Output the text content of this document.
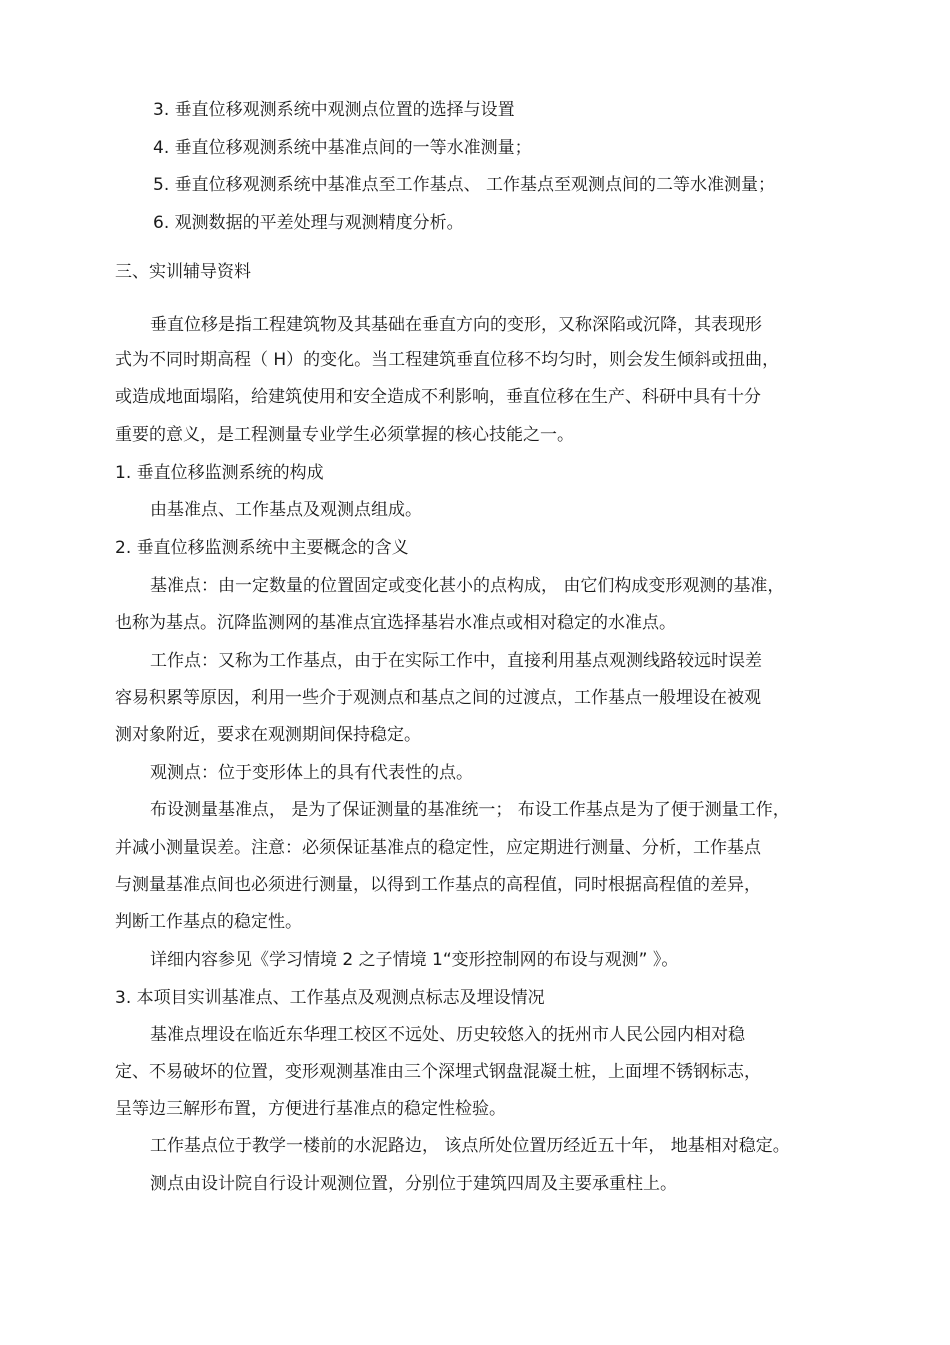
3. 垂直位移观测系统中观测点位置的选择与设置
4. 垂直位移观测系统中基准点间的一等水准测量；
5. 垂直位移观测系统中基准点至工作基点、 工作基点至观测点间的二等水准测量；
6. 观测数据的平差处理与观测精度分析。
三、实训辅导资料
垂直位移是指工程建筑物及其基础在垂直方向的变形，又称深陷或沉降，其表现形
式为不同时期高程（ H）的变化。当工程建筑垂直位移不均匀时，则会发生倾斜或扭曲，
或造成地面塌陷，给建筑使用和安全造成不利影响，垂直位移在生产、科研中具有十分
重要的意义，是工程测量专业学生必须掌握的核心技能之一。
1. 垂直位移监测系统的构成
由基准点、工作基点及观测点组成。
2. 垂直位移监测系统中主要概念的含义
基准点：由一定数量的位置固定或变化甚小的点构成， 由它们构成变形观测的基准，
也称为基点。沉降监测网的基准点宜选择基岩水准点或相对稳定的水准点。
工作点：又称为工作基点，由于在实际工作中，直接利用基点观测线路较远时误差
容易积累等原因，利用一些介于观测点和基点之间的过渡点，工作基点一般埋设在被观
测对象附近，要求在观测期间保持稳定。
观测点：位于变形体上的具有代表性的点。
布设测量基准点， 是为了保证测量的基准统一； 布设工作基点是为了便于测量工作，
并减小测量误差。注意：必须保证基准点的稳定性，应定期进行测量、分析，工作基点
与测量基准点间也必须进行测量，以得到工作基点的高程值，同时根据高程值的差异，
判断工作基点的稳定性。
详细内容参见《学习情境 2 之子情境 1“变形控制网的布设与观测” 》。
3. 本项目实训基准点、工作基点及观测点标志及埋设情况
基准点埋设在临近东华理工校区不远处、历史较悠入的抚州市人民公园内相对稳
定、不易破坏的位置，变形观测基准由三个深埋式钢盘混凝土桩，上面埋不锈钢标志，
呈等边三解形布置，方便进行基准点的稳定性检验。
工作基点位于教学一楼前的水泥路边， 该点所处位置历经近五十年， 地基相对稳定。
测点由设计院自行设计观测位置，分别位于建筑四周及主要承重柱上。
